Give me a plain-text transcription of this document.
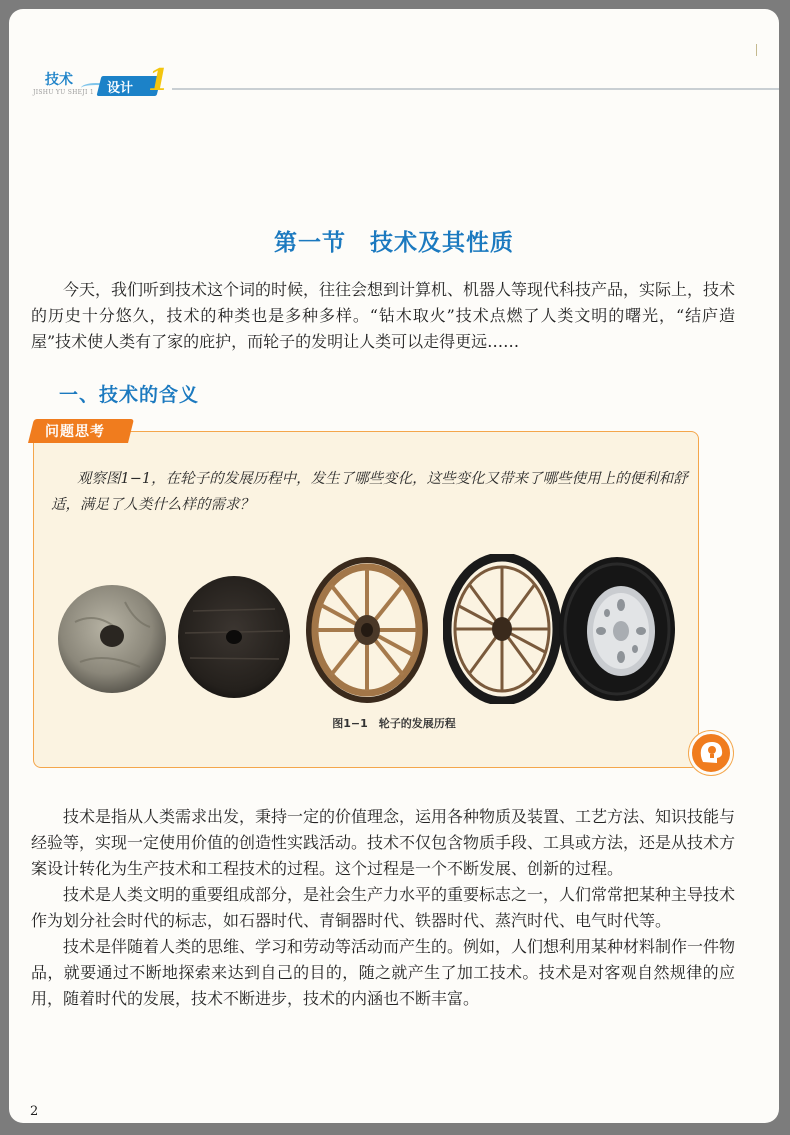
技术
JISHU YU SHEJI 1 设计 1
第一节　技术及其性质

今天，我们听到技术这个词的时候，往往会想到计算机、机器人等现代科技产品，实际上，技术的历史十分悠久，技术的种类也是多种多样。“钻木取火”技术点燃了人类文明的曙光，“结庐造屋”技术使人类有了家的庇护，而轮子的发明让人类可以走得更远……

一、技术的含义
问题思考

观察图1−1，在轮子的发展历程中，发生了哪些变化，这些变化又带来了哪些使用上的便利和舒适，满足了人类什么样的需求？

图1−1　轮子的发展历程

技术是指从人类需求出发，秉持一定的价值理念，运用各种物质及装置、工艺方法、知识技能与经验等，实现一定使用价值的创造性实践活动。技术不仅包含物质手段、工具或方法，还是从技术方案设计转化为生产技术和工程技术的过程。这个过程是一个不断发展、创新的过程。

技术是人类文明的重要组成部分，是社会生产力水平的重要标志之一，人们常常把某种主导技术作为划分社会时代的标志，如石器时代、青铜器时代、铁器时代、蒸汽时代、电气时代等。

技术是伴随着人类的思维、学习和劳动等活动而产生的。例如，人们想利用某种材料制作一件物品，就要通过不断地探索来达到自己的目的，随之就产生了加工技术。技术是对客观自然规律的应用，随着时代的发展，技术不断进步，技术的内涵也不断丰富。

2
